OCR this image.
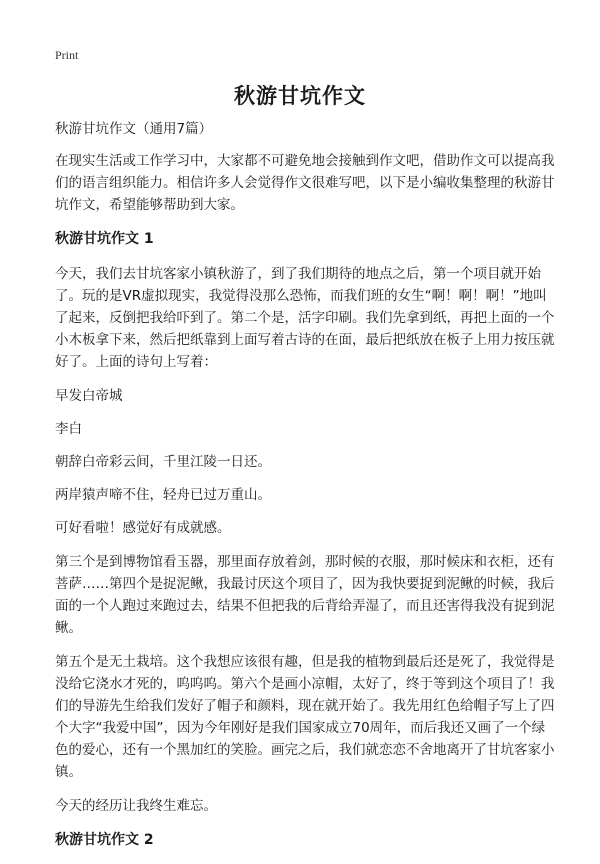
Print
秋游甘坑作文

秋游甘坑作文（通用7篇）

在现实生活或工作学习中，大家都不可避免地会接触到作文吧，借助作文可以提高我们的语言组织能力。相信许多人会觉得作文很难写吧，以下是小编收集整理的秋游甘坑作文，希望能够帮助到大家。

秋游甘坑作文 1

今天，我们去甘坑客家小镇秋游了，到了我们期待的地点之后，第一个项目就开始了。玩的是VR虚拟现实，我觉得没那么恐怖，而我们班的女生“啊！啊！啊！”地叫了起来，反倒把我给吓到了。第二个是，活字印刷。我们先拿到纸，再把上面的一个小木板拿下来，然后把纸靠到上面写着古诗的在面，最后把纸放在板子上用力按压就好了。上面的诗句上写着：

早发白帝城

李白

朝辞白帝彩云间，千里江陵一日还。

两岸猿声啼不住，轻舟已过万重山。

可好看啦！感觉好有成就感。

第三个是到博物馆看玉器，那里面存放着剑，那时候的衣服，那时候床和衣柜，还有菩萨……第四个是捉泥鳅，我最讨厌这个项目了，因为我快要捉到泥鳅的时候，我后面的一个人跑过来跑过去，结果不但把我的后背给弄湿了，而且还害得我没有捉到泥鳅。

第五个是无土栽培。这个我想应该很有趣，但是我的植物到最后还是死了，我觉得是没给它浇水才死的，呜呜呜。第六个是画小凉帽，太好了，终于等到这个项目了！我们的导游先生给我们发好了帽子和颜料，现在就开始了。我先用红色给帽子写上了四个大字“我爱中国”，因为今年刚好是我们国家成立70周年，而后我还又画了一个绿色的爱心，还有一个黑加红的笑脸。画完之后，我们就恋恋不舍地离开了甘坑客家小镇。

今天的经历让我终生难忘。

秋游甘坑作文 2
